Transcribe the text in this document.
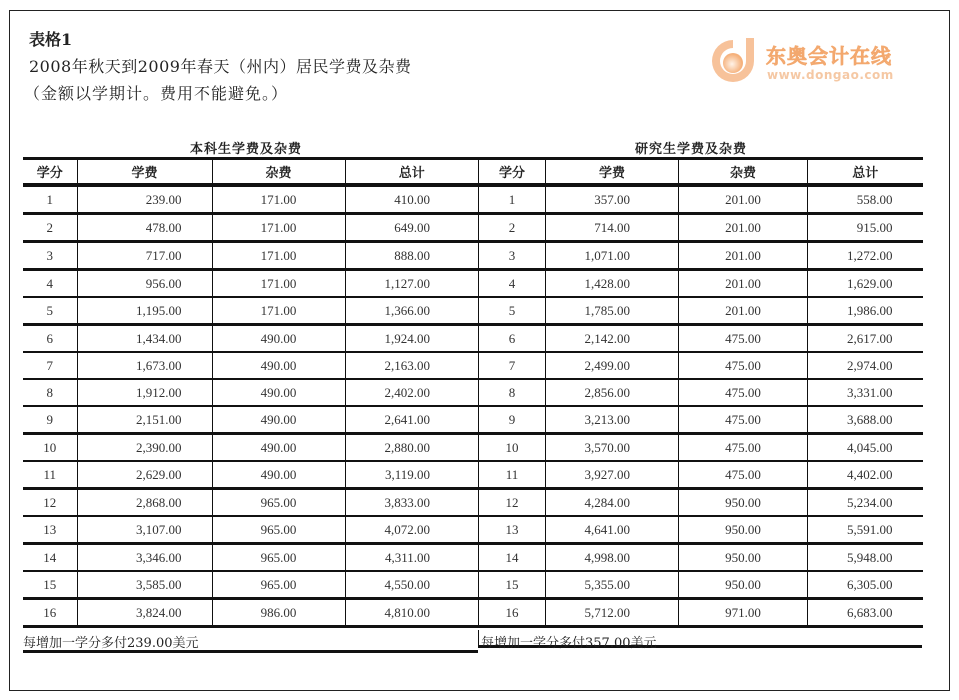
表格1
2008年秋天到2009年春天（州内）居民学费及杂费
（金额以学期计。费用不能避免。）
东奥会计在线
www.dongao.com
本科生学费及杂费	研究生学费及杂费
学分	学费	杂费	总计
1	239.00	171.00	410.00
2	478.00	171.00	649.00
3	717.00	171.00	888.00
4	956.00	171.00	1,127.00
5	1,195.00	171.00	1,366.00
6	1,434.00	490.00	1,924.00
7	1,673.00	490.00	2,163.00
8	1,912.00	490.00	2,402.00
9	2,151.00	490.00	2,641.00
10	2,390.00	490.00	2,880.00
11	2,629.00	490.00	3,119.00
12	2,868.00	965.00	3,833.00
13	3,107.00	965.00	4,072.00
14	3,346.00	965.00	4,311.00
15	3,585.00	965.00	4,550.00
16	3,824.00	986.00	4,810.00
学分	学费	杂费	总计
1	357.00	201.00	558.00
2	714.00	201.00	915.00
3	1,071.00	201.00	1,272.00
4	1,428.00	201.00	1,629.00
5	1,785.00	201.00	1,986.00
6	2,142.00	475.00	2,617.00
7	2,499.00	475.00	2,974.00
8	2,856.00	475.00	3,331.00
9	3,213.00	475.00	3,688.00
10	3,570.00	475.00	4,045.00
11	3,927.00	475.00	4,402.00
12	4,284.00	950.00	5,234.00
13	4,641.00	950.00	5,591.00
14	4,998.00	950.00	5,948.00
15	5,355.00	950.00	6,305.00
16	5,712.00	971.00	6,683.00
每增加一学分多付239.00美元	每增加一学分多付357.00美元
